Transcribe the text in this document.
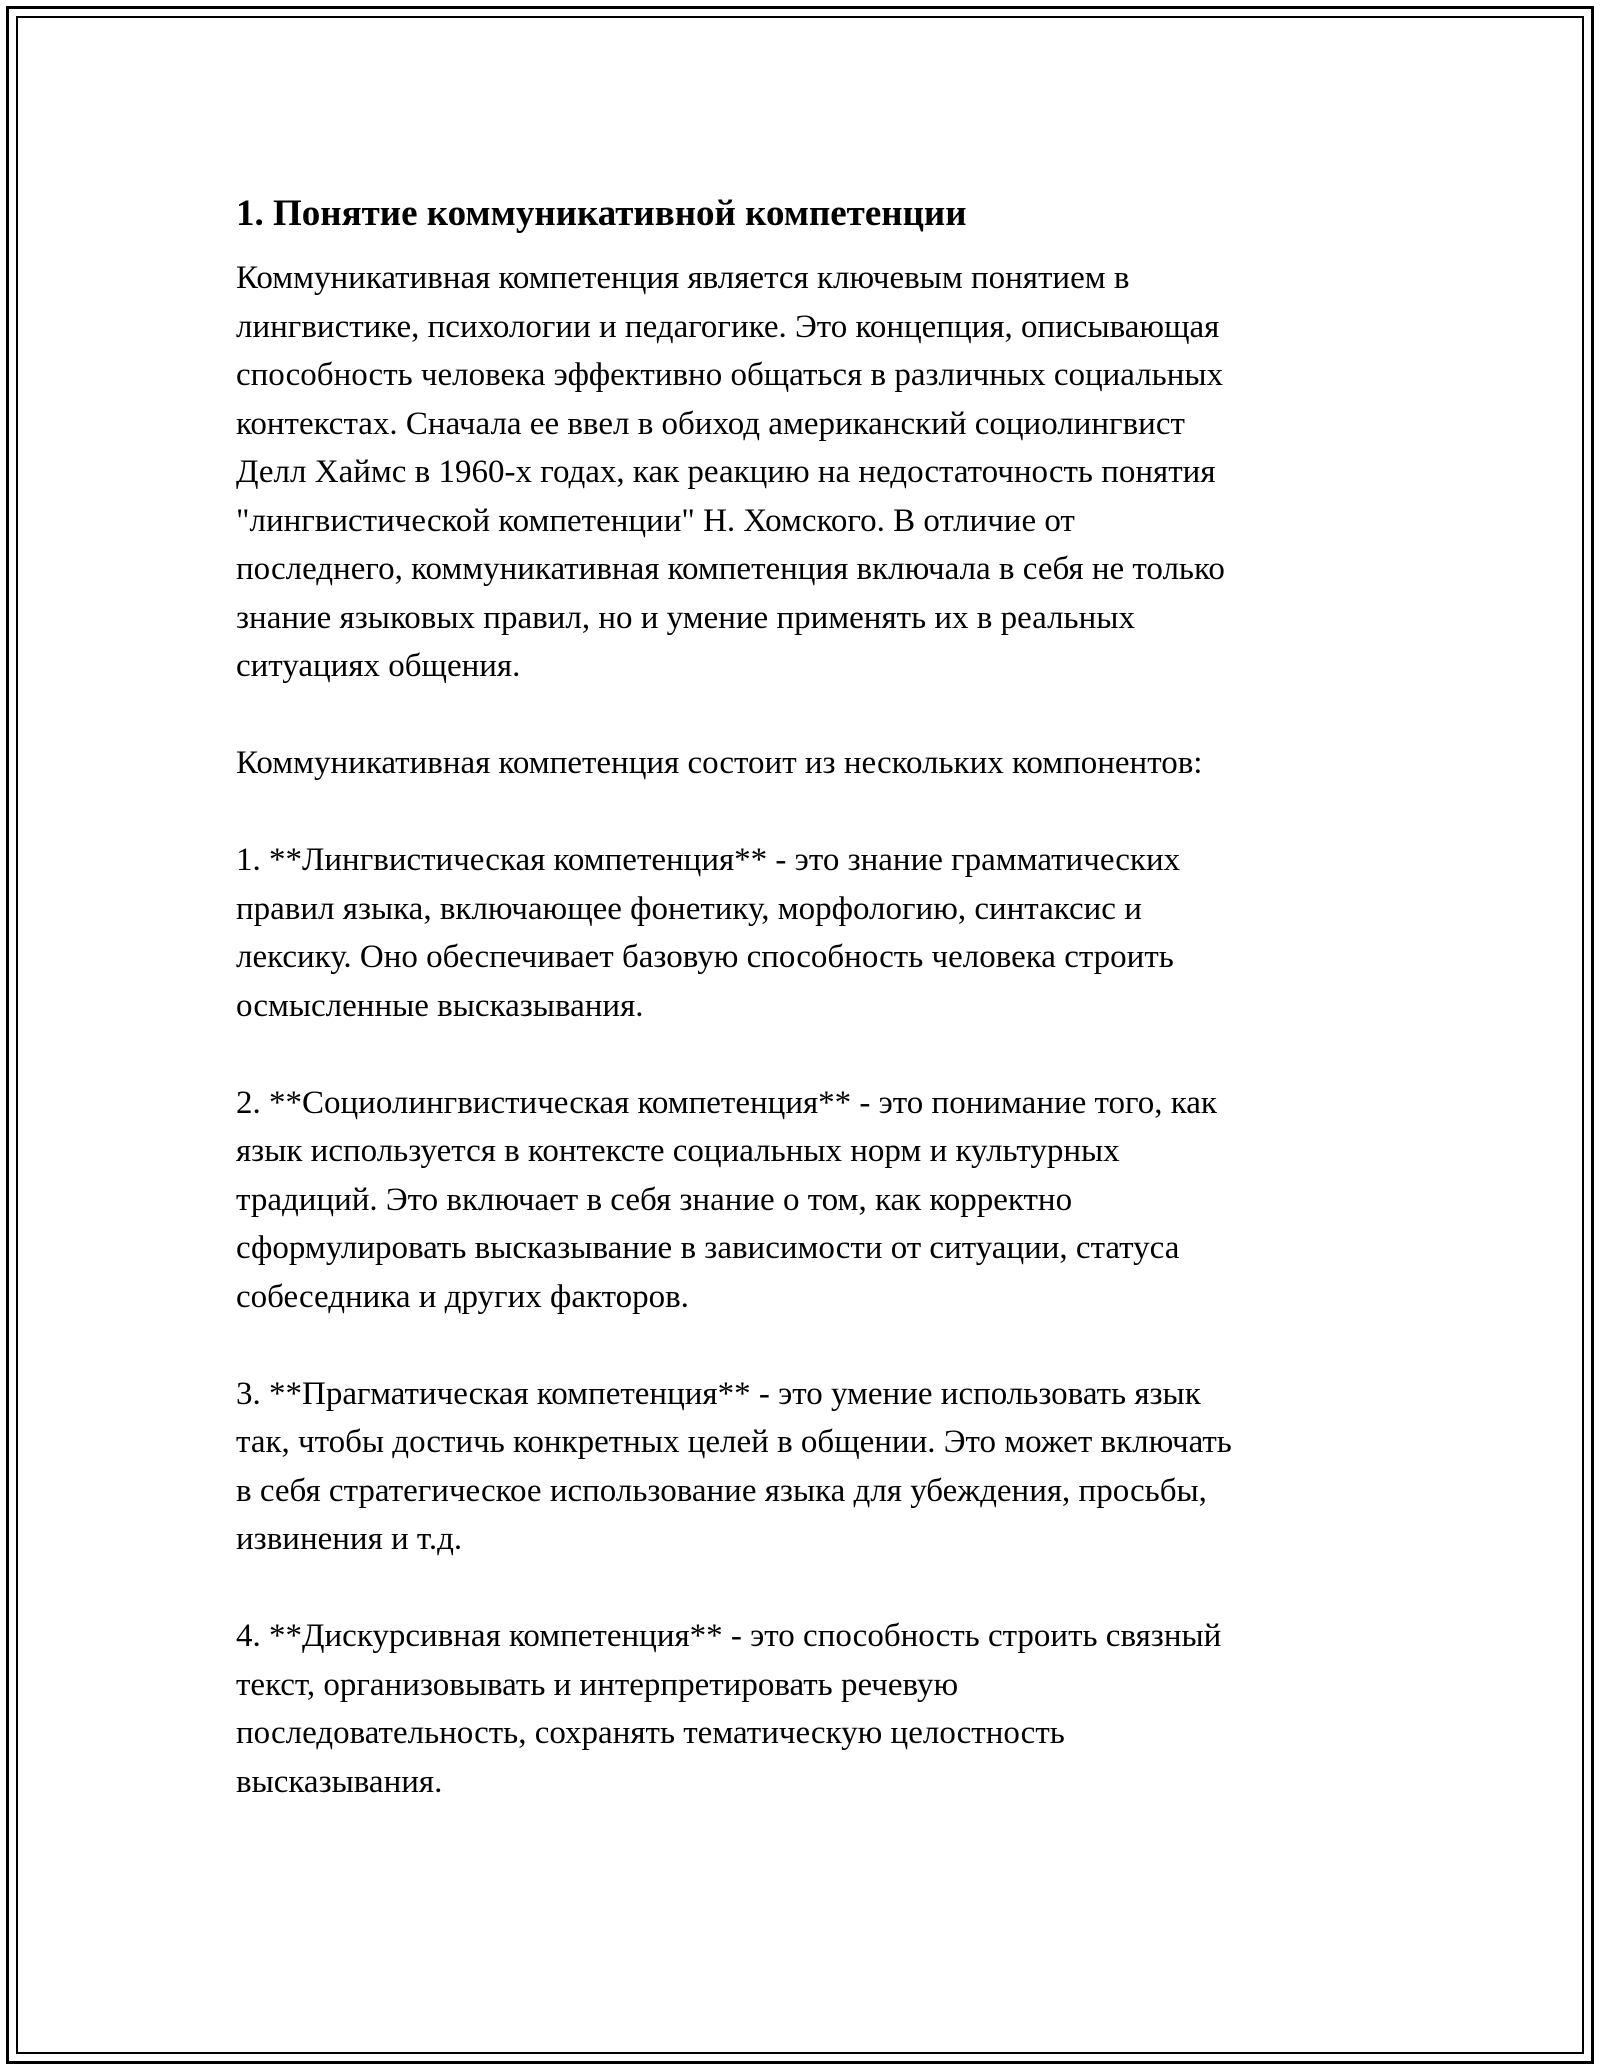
1. Понятие коммуникативной компетенции
Коммуникативная компетенция является ключевым понятием в
лингвистике, психологии и педагогике. Это концепция, описывающая
способность человека эффективно общаться в различных социальных
контекстах. Сначала ее ввел в обиход американский социолингвист
Делл Хаймс в 1960-х годах, как реакцию на недостаточность понятия
"лингвистической компетенции" Н. Хомского. В отличие от
последнего, коммуникативная компетенция включала в себя не только
знание языковых правил, но и умение применять их в реальных
ситуациях общения.
Коммуникативная компетенция состоит из нескольких компонентов:
1. **Лингвистическая компетенция** - это знание грамматических
правил языка, включающее фонетику, морфологию, синтаксис и
лексику. Оно обеспечивает базовую способность человека строить
осмысленные высказывания.
2. **Социолингвистическая компетенция** - это понимание того, как
язык используется в контексте социальных норм и культурных
традиций. Это включает в себя знание о том, как корректно
сформулировать высказывание в зависимости от ситуации, статуса
собеседника и других факторов.
3. **Прагматическая компетенция** - это умение использовать язык
так, чтобы достичь конкретных целей в общении. Это может включать
в себя стратегическое использование языка для убеждения, просьбы,
извинения и т.д.
4. **Дискурсивная компетенция** - это способность строить связный
текст, организовывать и интерпретировать речевую
последовательность, сохранять тематическую целостность
высказывания.
